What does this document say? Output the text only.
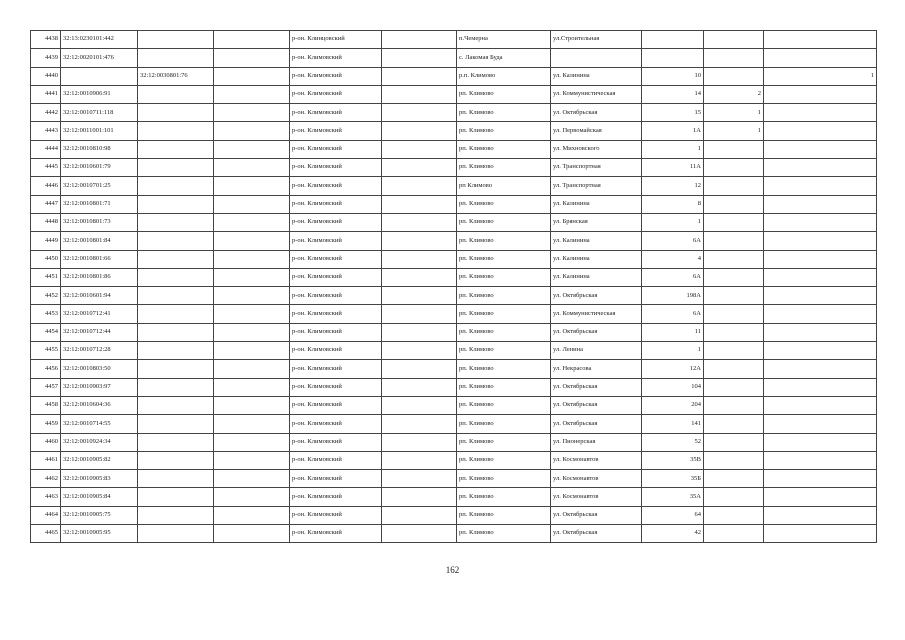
4438	32:13:0230101:442			р-он. Клинцовский		п.Чемерна	ул.Строительная			
4439	32:12:0020101:476			р-он. Климовский		с. Лакомая Буда				
4440		32:12:0030801:76		р-он. Климовский		р.п. Климово	ул. Калинина	10		1
4441	32:12:0010906:91			р-он. Климовский		рп. Климово	ул. Коммунистическая	14	2	
4442	32:12:0010711:118			р-он. Климовский		рп. Климово	ул. Октябрьская	15	1	
4443	32:12:0011001:101			р-он. Климовский		рп. Климово	ул. Первомайская	1А	1	
4444	32:12:0010810:98			р-он. Климовский		рп. Климово	ул. Михновского	1		
4445	32:12:0010601:79			р-он. Климовский		рп. Климово	ул. Транспортная	11А		
4446	32:12:0010701:25			р-он. Климовский		рп Климово	ул. Транспортная	12		
4447	32:12:0010801:71			р-он. Климовский		рп. Климово	ул. Калинина	8		
4448	32:12:0010801:73			р-он. Климовский		рп. Климово	ул. Брянская	1		
4449	32:12:0010801:84			р-он. Климовский		рп. Климово	ул. Калинина	6А		
4450	32:12:0010801:66			р-он. Климовский		рп. Климово	ул. Калинина	4		
4451	32:12:0010801:86			р-он. Климовский		рп. Климово	ул. Калинина	6А		
4452	32:12:0010601:94			р-он. Климовский		рп. Климово	ул. Октябрьская	198А		
4453	32:12:0010712:41			р-он. Климовский		рп. Климово	ул. Коммунистическая	6А		
4454	32:12:0010712:44			р-он. Климовский		рп. Климово	ул. Октябрьская	11		
4455	32:12:0010712:28			р-он. Климовский		рп. Климово	ул. Ленина	1		
4456	32:12:0010803:50			р-он. Климовский		рп. Климово	ул. Некрасова	12А		
4457	32:12:0010903:97			р-он. Климовский		рп. Климово	ул. Октябрьская	104		
4458	32:12:0010604:36			р-он. Климовский		рп. Климово	ул. Октябрьская	204		
4459	32:12:0010714:55			р-он. Климовский		рп. Климово	ул. Октябрьская	141		
4460	32:12:0010924:34			р-он. Климовский		рп. Климово	ул. Пионерская	52		
4461	32:12:0010905:82			р-он. Климовский		рп. Климово	ул. Космонавтов	35В		
4462	32:12:0010905:83			р-он. Климовский		рп. Климово	ул. Космонавтов	35Б		
4463	32:12:0010905:84			р-он. Климовский		рп. Климово	ул. Космонавтов	35А		
4464	32:12:0010905:75			р-он. Климовский		рп. Климово	ул. Октябрьская	64		
4465	32:12:0010905:95			р-он. Климовский		рп. Климово	ул. Октябрьская	42		
162
